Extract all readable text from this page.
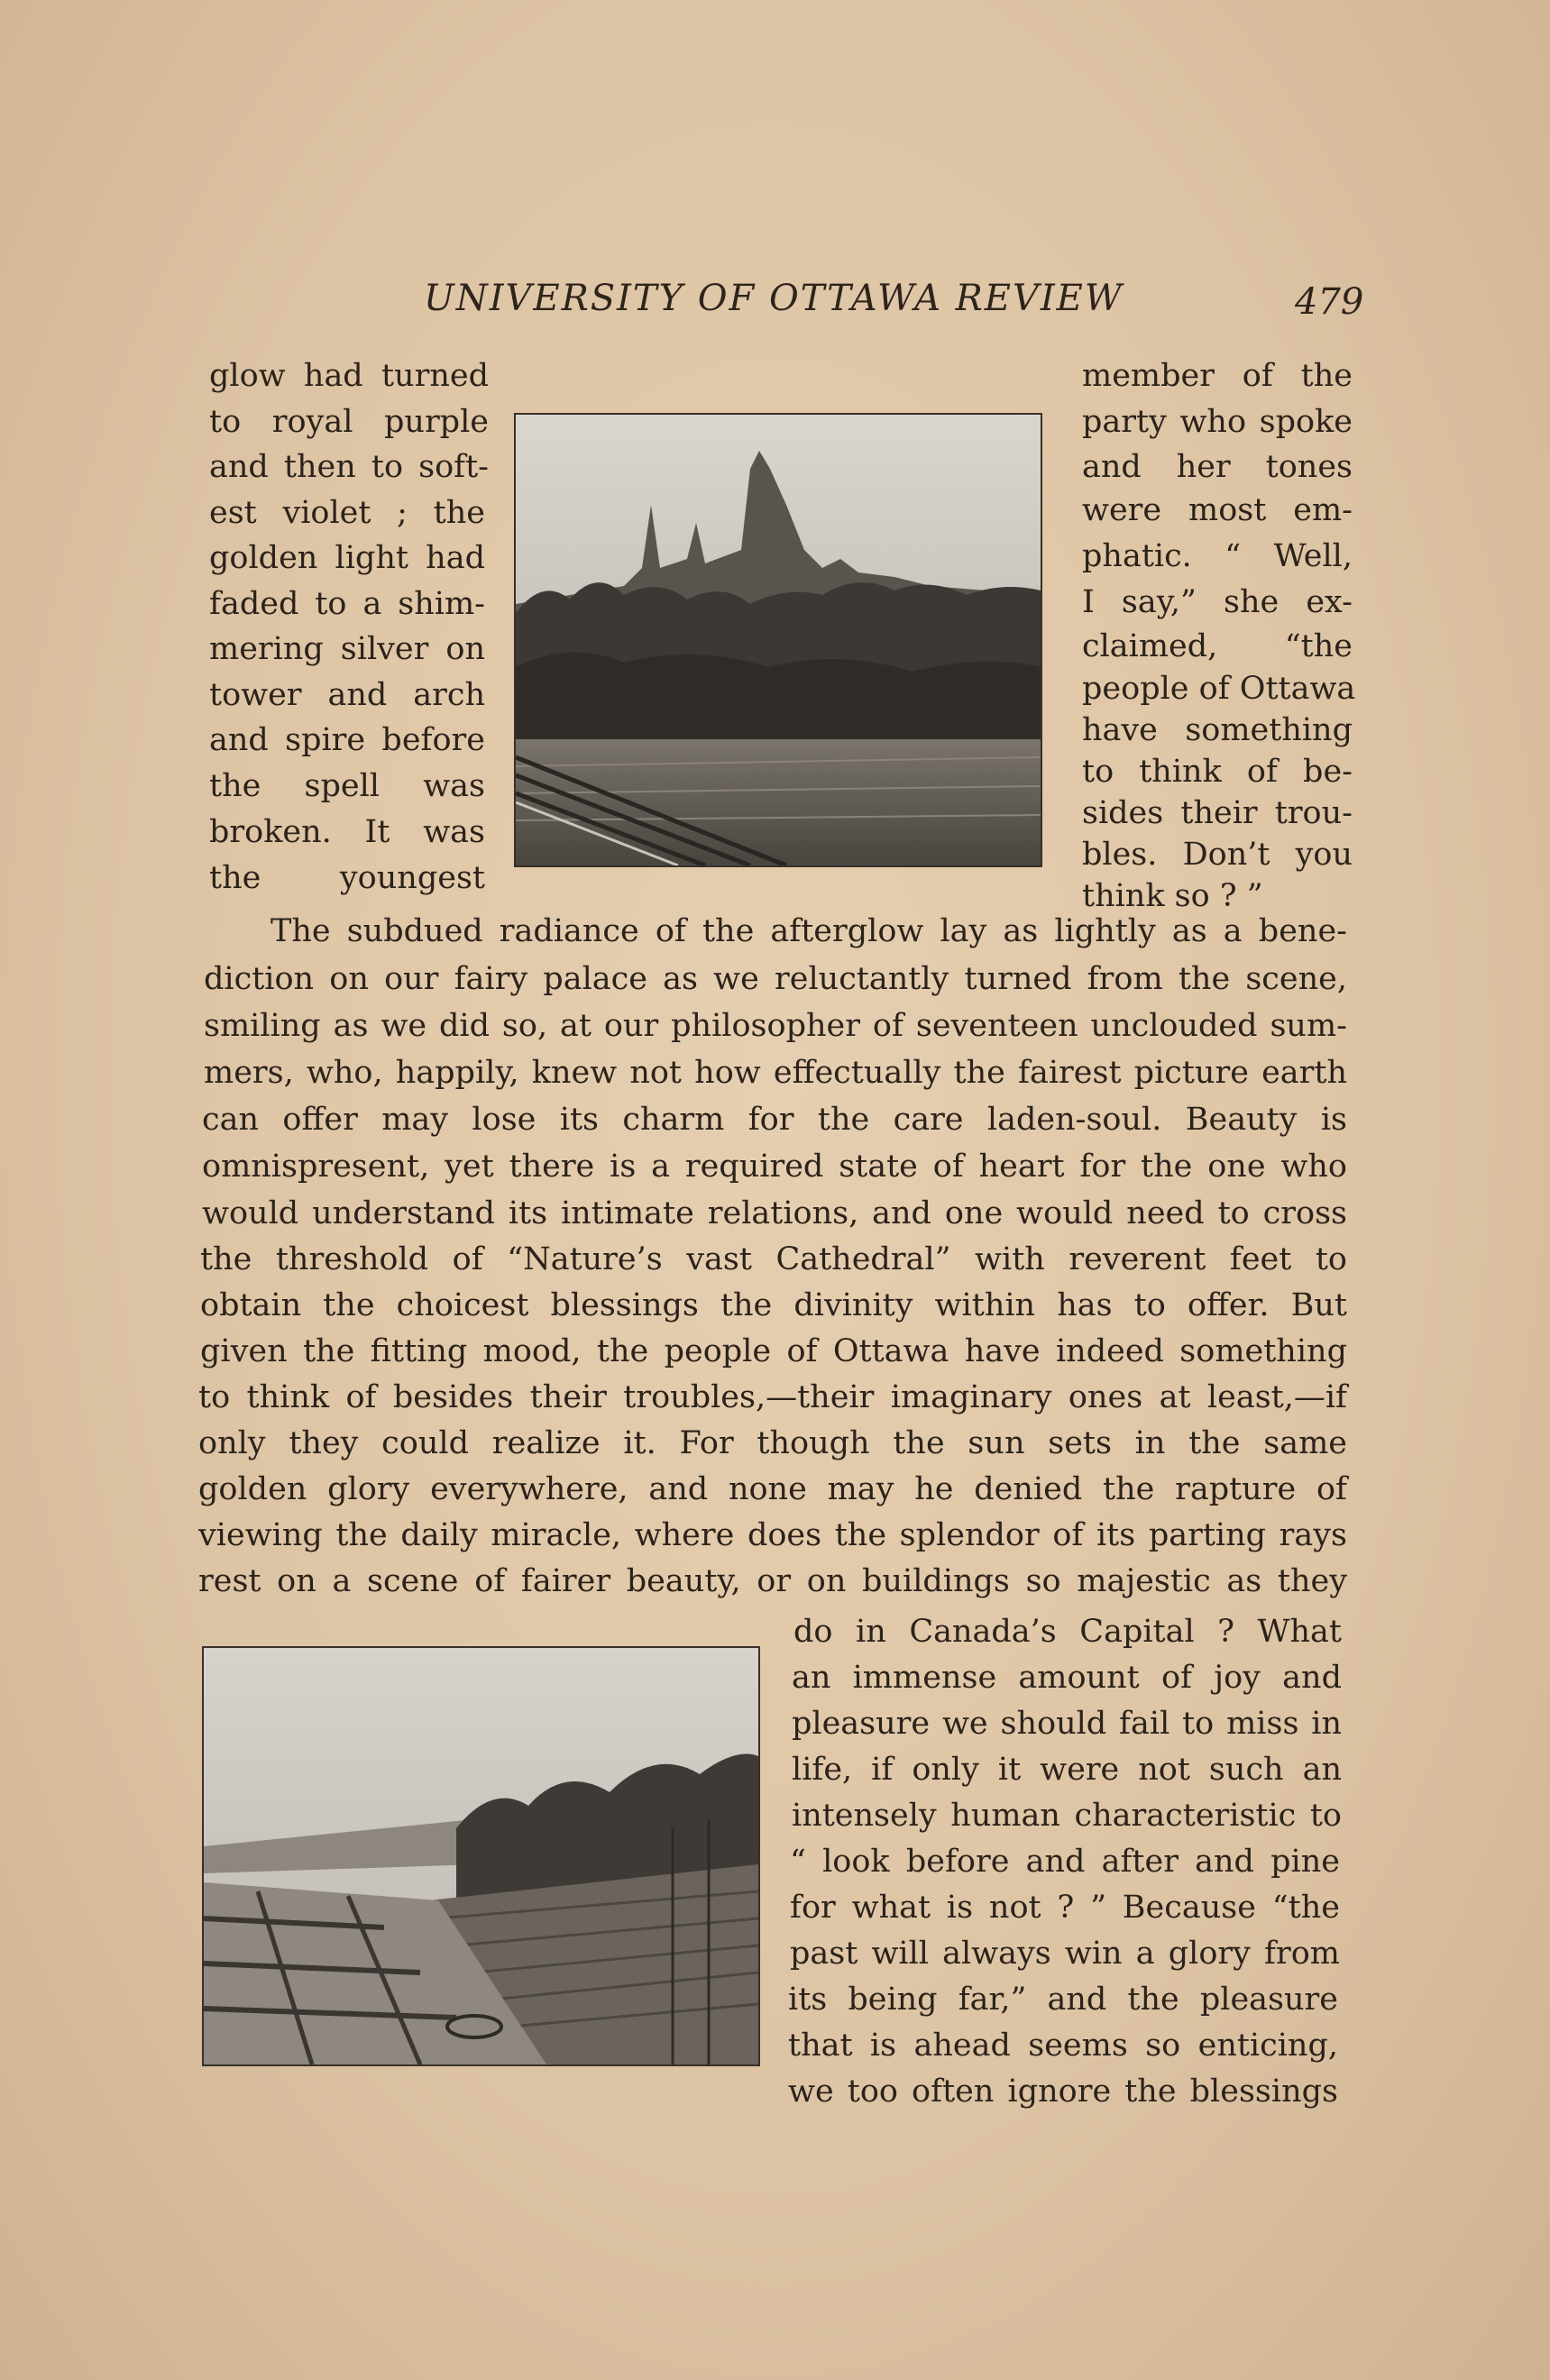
UNIVERSITY OF OTTAWA REVIEW	479
glow had turned
to royal purple
and then to soft-
est violet ; the
golden light had
faded to a shim-
mering silver on
tower and arch
and spire before
the spell was
broken. It was
the youngest
member of the
party who spoke
and her tones
were most em-
phatic. “ Well,
I say,” she ex-
claimed, “the
people of Ottawa
have something
to think of be-
sides their trou-
bles. Don’t you
think so ? ”
The subdued radiance of the afterglow lay as lightly as a bene-
diction on our fairy palace as we reluctantly turned from the scene,
smiling as we did so, at our philosopher of seventeen unclouded sum-
mers, who, happily, knew not how effectually the fairest picture earth
can offer may lose its charm for the care laden-soul. Beauty is
omnispresent, yet there is a required state of heart for the one who
would understand its intimate relations, and one would need to cross
the threshold of “Nature’s vast Cathedral” with reverent feet to
obtain the choicest blessings the divinity within has to offer. But
given the fitting mood, the people of Ottawa have indeed something
to think of besides their troubles,—their imaginary ones at least,—if
only they could realize it. For though the sun sets in the same
golden glory everywhere, and none may he denied the rapture of
viewing the daily miracle, where does the splendor of its parting rays
rest on a scene of fairer beauty, or on buildings so majestic as they
do in Canada’s Capital ? What
an immense amount of joy and
pleasure we should fail to miss in
life, if only it were not such an
intensely human characteristic to
“ look before and after and pine
for what is not ? ” Because “the
past will always win a glory from
its being far,” and the pleasure
that is ahead seems so enticing,
we too often ignore the blessings
